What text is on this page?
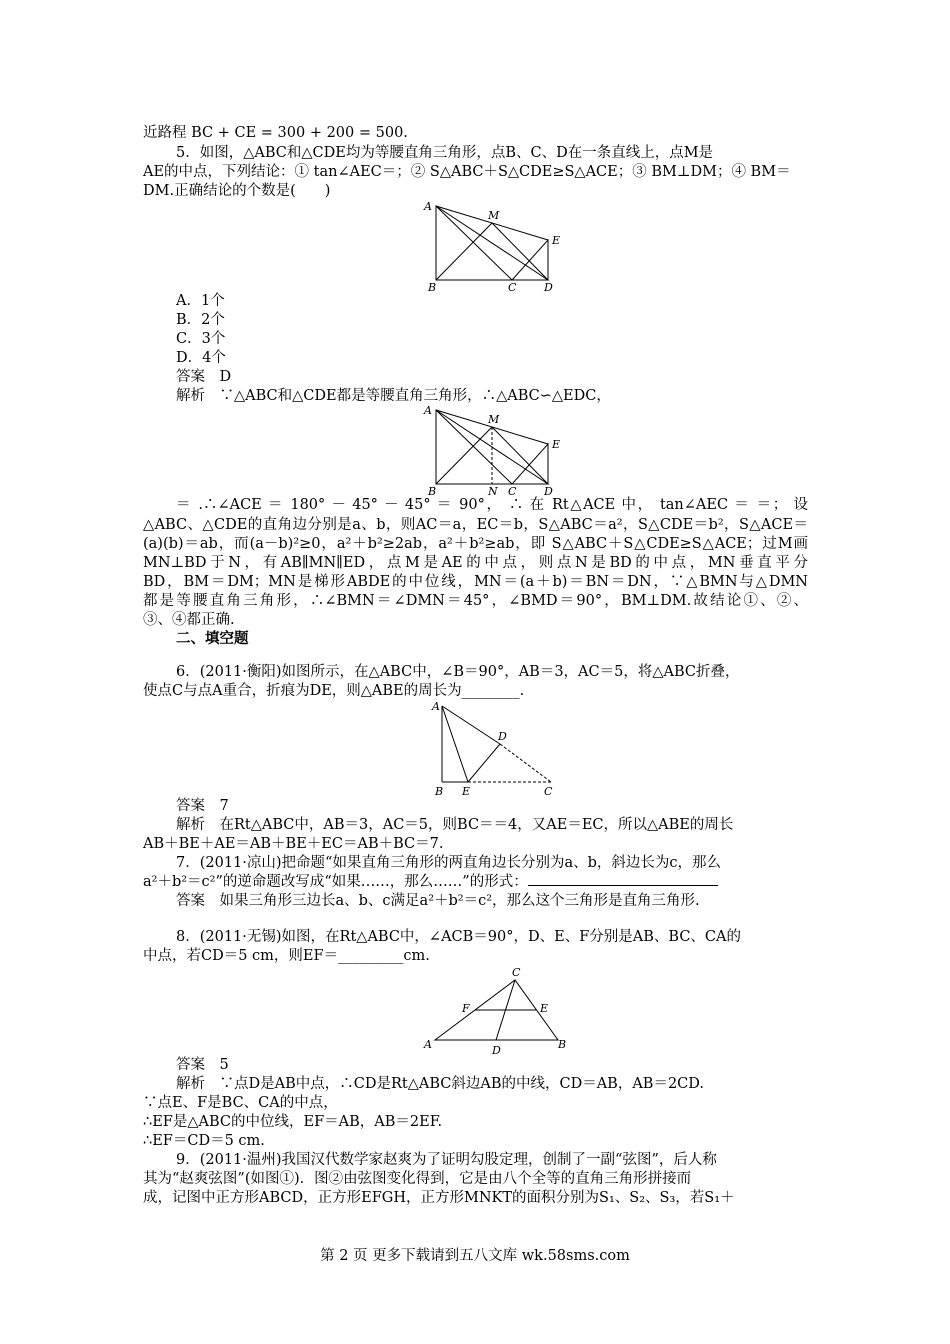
近路程 BC + CE = 300 + 200 = 500.
5．如图，△ABC和△CDE均为等腰直角三角形，点B、C、D在一条直线上，点M是
AE的中点，下列结论：① tan∠AEC＝；② S△ABC＋S△CDE≥S△ACE；③ BM⊥DM；④ BM＝
DM.正确结论的个数是(　　)
A
M
E
B	C	D
A．1个
B．2个
C．3个
D．4个
答案　D
解析　∵△ABC和△CDE都是等腰直角三角形，∴△ABC∽△EDC，
A
M
E
B	N C	D
＝ .∴∠ACE ＝ 180° － 45° － 45° ＝ 90°， ∴ 在 Rt△ACE 中， tan∠AEC ＝ ＝； 设
△ABC、△CDE的直角边分别是a、b，则AC＝a，EC＝b，S△ABC＝a²，S△CDE＝b²，S△ACE＝
(a)(b)＝ab，而(a－b)²≥0，a²＋b²≥2ab，a²＋b²≥ab，即 S△ABC＋S△CDE≥S△ACE；过M画
MN⊥BD于N，有AB∥MN∥ED，点M是AE的中点，则点N是BD的中点，MN垂直平分
BD，BM＝DM；MN是梯形ABDE的中位线，MN＝(a＋b)＝BN＝DN，∵△BMN与△DMN
都是等腰直角三角形，∴∠BMN＝∠DMN＝45°，∠BMD＝90°，BM⊥DM.故结论①、②、
③、④都正确.
二、填空题
6．(2011·衡阳)如图所示，在△ABC中，∠B＝90°，AB＝3，AC＝5，将△ABC折叠，
使点C与点A重合，折痕为DE，则△ABE的周长为________.
A
D
B E	C
答案　7
解析　在Rt△ABC中，AB＝3，AC＝5，则BC＝＝4，又AE＝EC，所以△ABE的周长
AB＋BE＋AE＝AB＋BE＋EC＝AB＋BC＝7.
7．(2011·凉山)把命题“如果直角三角形的两直角边长分别为a、b，斜边长为c，那么
a²＋b²＝c²”的逆命题改写成“如果……，那么……”的形式：
答案　如果三角形三边长a、b、c满足a²＋b²＝c²，那么这个三角形是直角三角形.
8．(2011·无锡)如图，在Rt△ABC中，∠ACB＝90°，D、E、F分别是AB、BC、CA的
中点，若CD＝5 cm，则EF＝_________cm.
C
F	E
A	D	B
答案　5
解析　∵点D是AB中点，∴CD是Rt△ABC斜边AB的中线，CD＝AB，AB＝2CD.
∵点E、F是BC、CA的中点，
∴EF是△ABC的中位线，EF＝AB，AB＝2EF.
∴EF＝CD＝5 cm.
9．(2011·温州)我国汉代数学家赵爽为了证明勾股定理，创制了一副“弦图”，后人称
其为“赵爽弦图”(如图①)．图②由弦图变化得到，它是由八个全等的直角三角形拼接而
成，记图中正方形ABCD，正方形EFGH，正方形MNKT的面积分别为S₁、S₂、S₃，若S₁＋
第 2 页 更多下载请到五八文库 wk.58sms.com
